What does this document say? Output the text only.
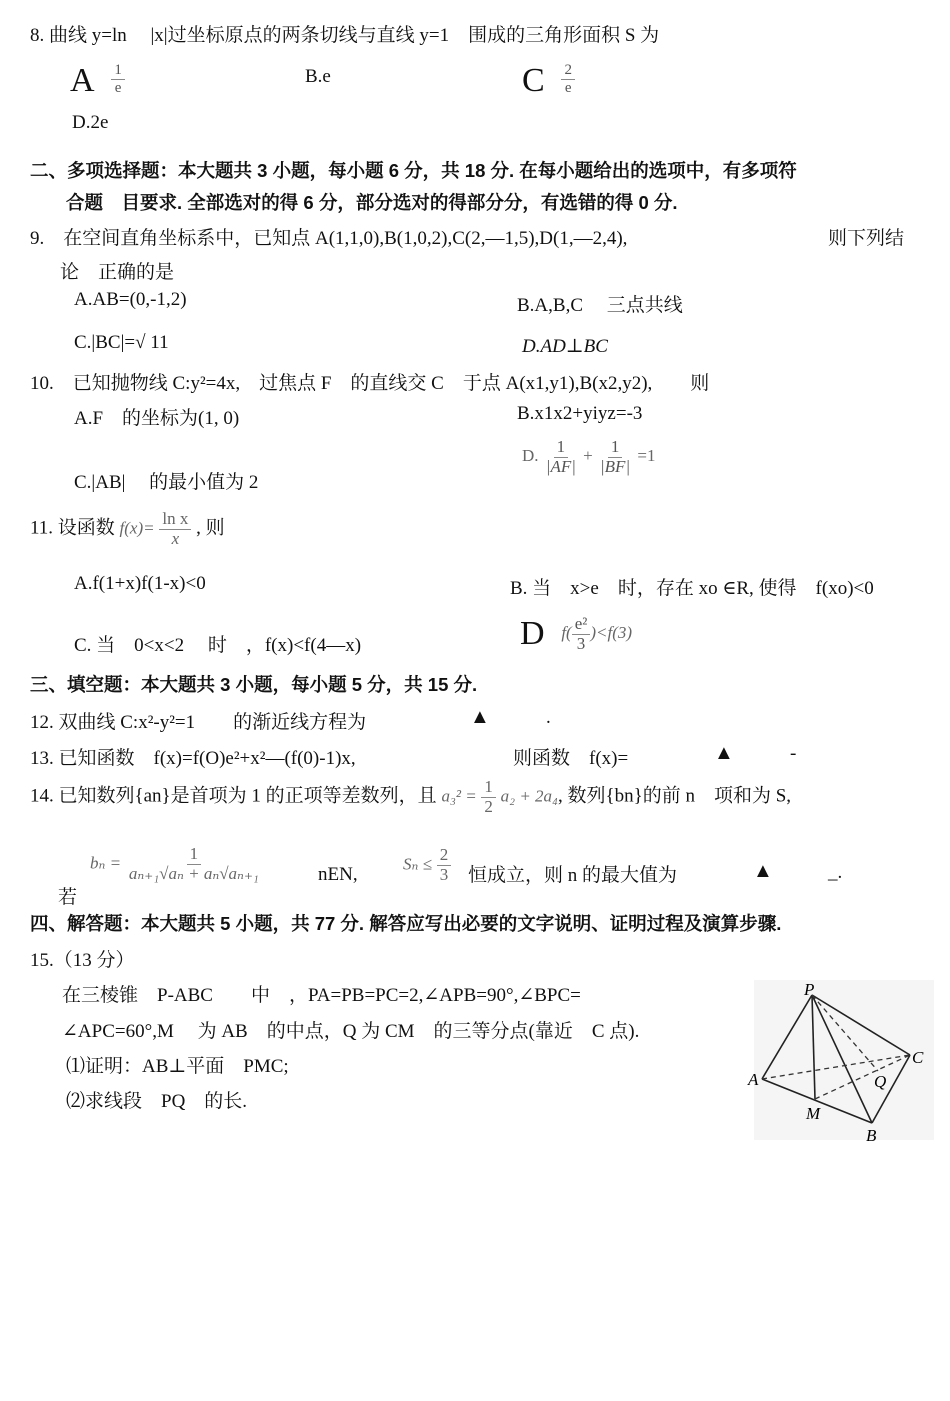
8. 曲线 y=ln　 |x|过坐标原点的两条切线与直线 y=1　围成的三角形面积 S 为
A $\frac{1}{e}$	B.e	C $\frac{2}{e}$
D.2e
二、多项选择题：本大题共 3 小题，每小题 6 分，共 18 分. 在每小题给出的选项中，有多项符
合题　目要求. 全部选对的得 6 分，部分选对的得部分分，有选错的得 0 分.
9.　在空间直角坐标系中，已知点 A(1,1,0),B(1,0,2),C(2,—1,5),D(1,—2,4),	则下列结
论　正确的是
A.AB=(0,-1,2)	B.A,B,C　 三点共线
C.|BC|=√ 11	D.AD⊥BC
10.　已知抛物线 C:y²=4x,　过焦点 F　的直线交 C　于点 A(x1,y1),B(x2,y2),　　则
A.F　的坐标为(1, 0)	B.x1x2+yiyz=-3
C.|AB|　 的最小值为 2
D. $\frac{1}{|AF|} + \frac{1}{|BF|} =1$
11. 设函数 $f(x)= \frac{\text{ln x}}{x}$ , 则
A.f(1+x)f(1-x)<0	B. 当　x>e　时，存在 xo ∈R, 使得　f(xo)<0
C. 当　0<x<2　 时　，f(x)<f(4—x)	D $f( \frac{\text{e²}}{3} )<f(3)$
三、填空题：本大题共 3 小题，每小题 5 分，共 15 分.
12. 双曲线 C:x²-y²=1　　的渐近线方程为	▲	.
13. 已知函数　f(x)=f(O)e²+x²—(f(0)-1)x,	则函数　f(x)=	▲	-
14. 已知数列{an}是首项为 1 的正项等差数列，且 $a_3^2 = \frac{1}{2} a_2 + 2a_4$, 数列{bn}的前 n　项和为 S,
若
$b_n = \frac{1}{\text{aₙ₊₁√aₙ + aₙ√aₙ₊₁}}$	nEN,	$S_n \le \frac{2}{3}$ 恒成立，则 n 的最大值为	▲	_.
四、解答题：本大题共 5 小题，共 77 分. 解答应写出必要的文字说明、证明过程及演算步骤.
15.（13 分）
在三棱锥　P-ABC　　中　，PA=PB=PC=2,∠APB=90°,∠BPC=
∠APC=60°,M　 为 AB　的中点，Q 为 CM　的三等分点(靠近　C 点).
⑴证明：AB⊥平面　PMC;
⑵求线段　PQ　的长.
P
A
C
B
M
Q
